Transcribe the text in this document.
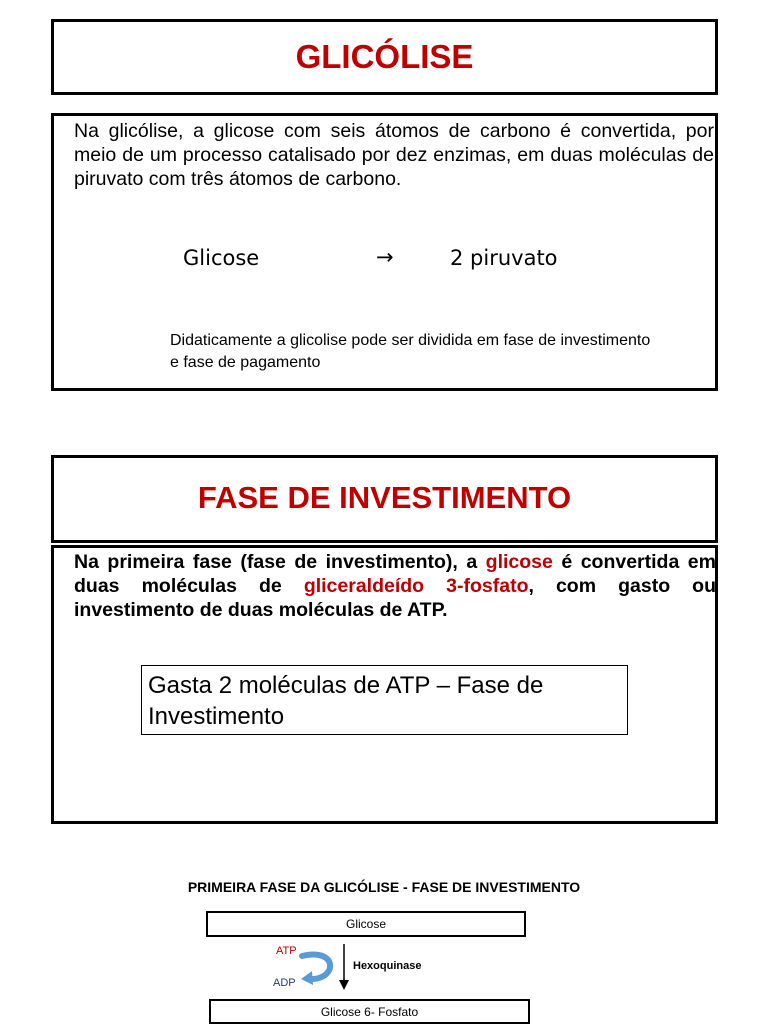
GLICÓLISE
Na glicólise, a glicose com seis átomos de carbono é convertida, por meio de um processo catalisado por dez enzimas, em duas moléculas de piruvato com três átomos de carbono.
Glicose	→	2 piruvato
Didaticamente a glicolise pode ser dividida em fase de investimento e fase de pagamento
FASE DE INVESTIMENTO
Na primeira fase (fase de investimento), a glicose é convertida em duas moléculas de gliceraldeído 3-fosfato, com gasto ou investimento de duas moléculas de ATP.
Gasta 2 moléculas de ATP – Fase de Investimento
PRIMEIRA FASE DA GLICÓLISE - FASE DE INVESTIMENTO
Glicose
ATP
ADP
Hexoquinase
Glicose 6- Fosfato
